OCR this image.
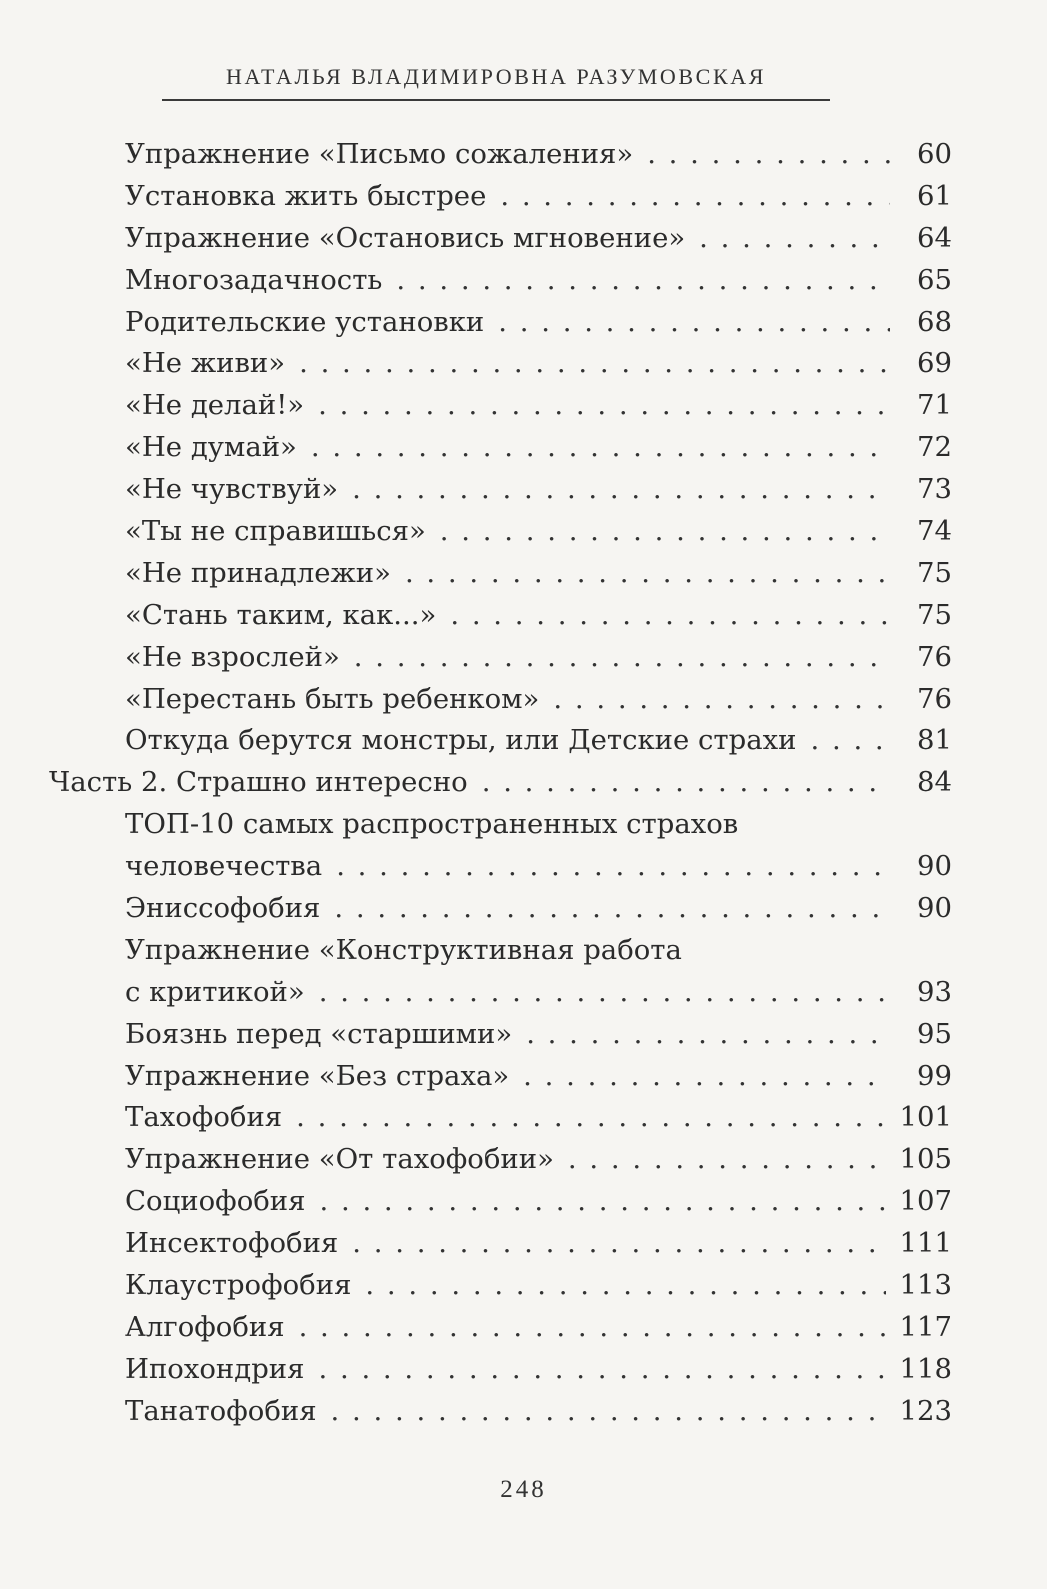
НАТАЛЬЯ ВЛАДИМИРОВНА РАЗУМОВСКАЯ
Упражнение «Письмо сожаления» . . .	60
Установка жить быстрее . . .	61
Упражнение «Остановись мгновение» . . .	64
Многозадачность . . .	65
Родительские установки . . .	68
«Не живи» . . .	69
«Не делай!» . . .	71
«Не думай» . . .	72
«Не чувствуй» . . .	73
«Ты не справишься» . . .	74
«Не принадлежи» . . .	75
«Стань таким, как...» . . .	75
«Не взрослей» . . .	76
«Перестань быть ребенком» . . .	76
Откуда берутся монстры, или Детские страхи . . .	81
Часть 2. Страшно интересно . . .	84
ТОП-10 самых распространенных страхов
человечества . . .	90
Энисcофобия . . .	90
Упражнение «Конструктивная работа
с критикой» . . .	93
Боязнь перед «старшими» . . .	95
Упражнение «Без страха» . . .	99
Тахофобия . . .	101
Упражнение «От тахофобии» . . .	105
Социофобия . . .	107
Инсектофобия . . .	111
Клаустрофобия . . .	113
Алгофобия . . .	117
Ипохондрия . . .	118
Танатофобия . . .	123
248
